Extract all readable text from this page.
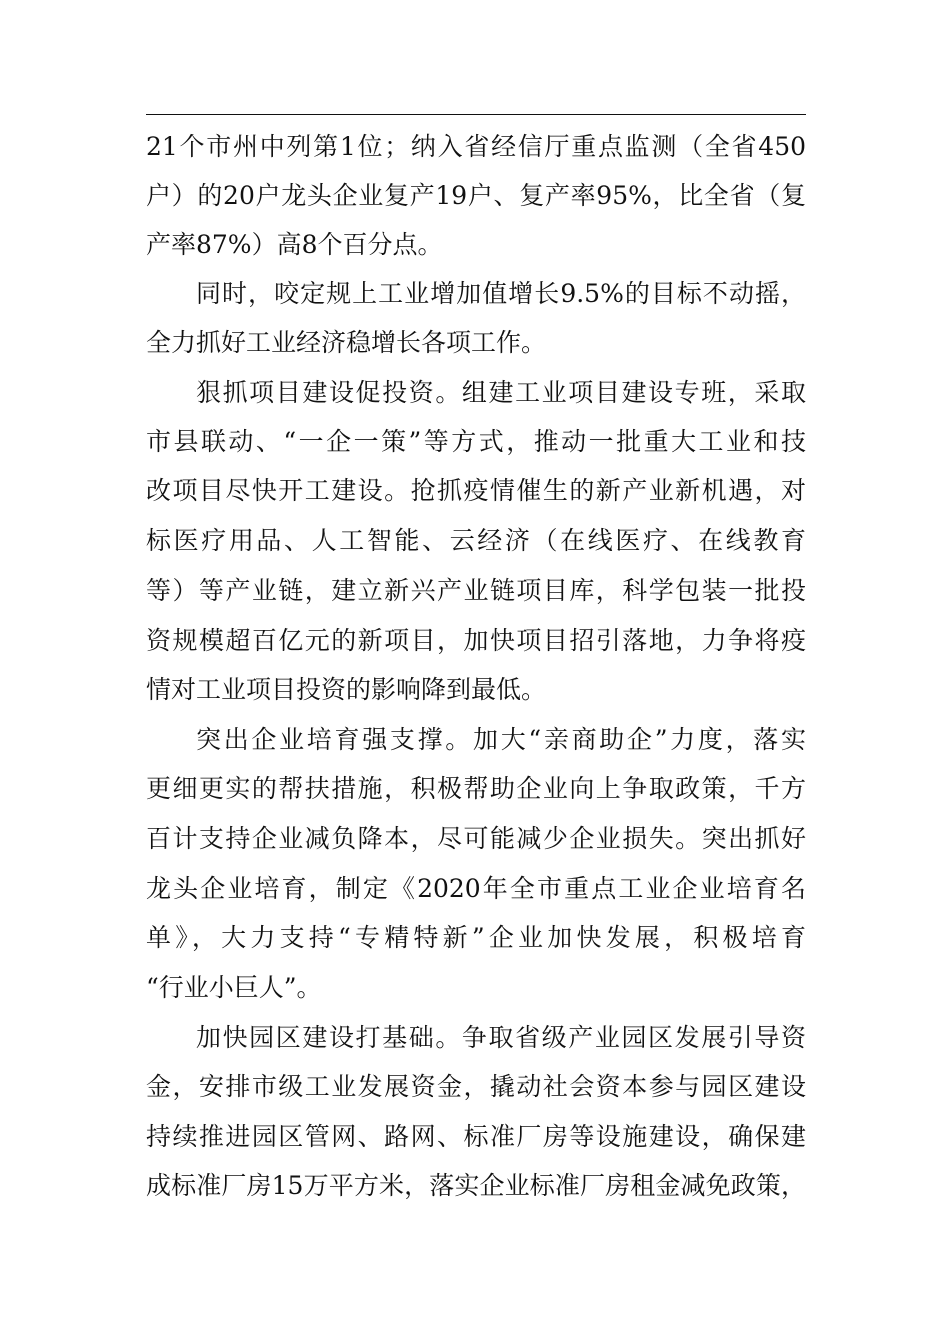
21个市州中列第1位；纳入省经信厅重点监测（全省450
户）的20户龙头企业复产19户、复产率95%，比全省（复
产率87%）高8个百分点。
同时，咬定规上工业增加值增长9.5%的目标不动摇，
全力抓好工业经济稳增长各项工作。
狠抓项目建设促投资。组建工业项目建设专班，采取
市县联动、“一企一策”等方式，推动一批重大工业和技
改项目尽快开工建设。抢抓疫情催生的新产业新机遇，对
标医疗用品、人工智能、云经济（在线医疗、在线教育
等）等产业链，建立新兴产业链项目库，科学包装一批投
资规模超百亿元的新项目，加快项目招引落地，力争将疫
情对工业项目投资的影响降到最低。
突出企业培育强支撑。加大“亲商助企”力度，落实
更细更实的帮扶措施，积极帮助企业向上争取政策，千方
百计支持企业减负降本，尽可能减少企业损失。突出抓好
龙头企业培育，制定《2020年全市重点工业企业培育名
单》，大力支持“专精特新”企业加快发展，积极培育
“行业小巨人”。
加快园区建设打基础。争取省级产业园区发展引导资
金，安排市级工业发展资金，撬动社会资本参与园区建设
持续推进园区管网、路网、标准厂房等设施建设，确保建
成标准厂房15万平方米，落实企业标准厂房租金减免政策，
